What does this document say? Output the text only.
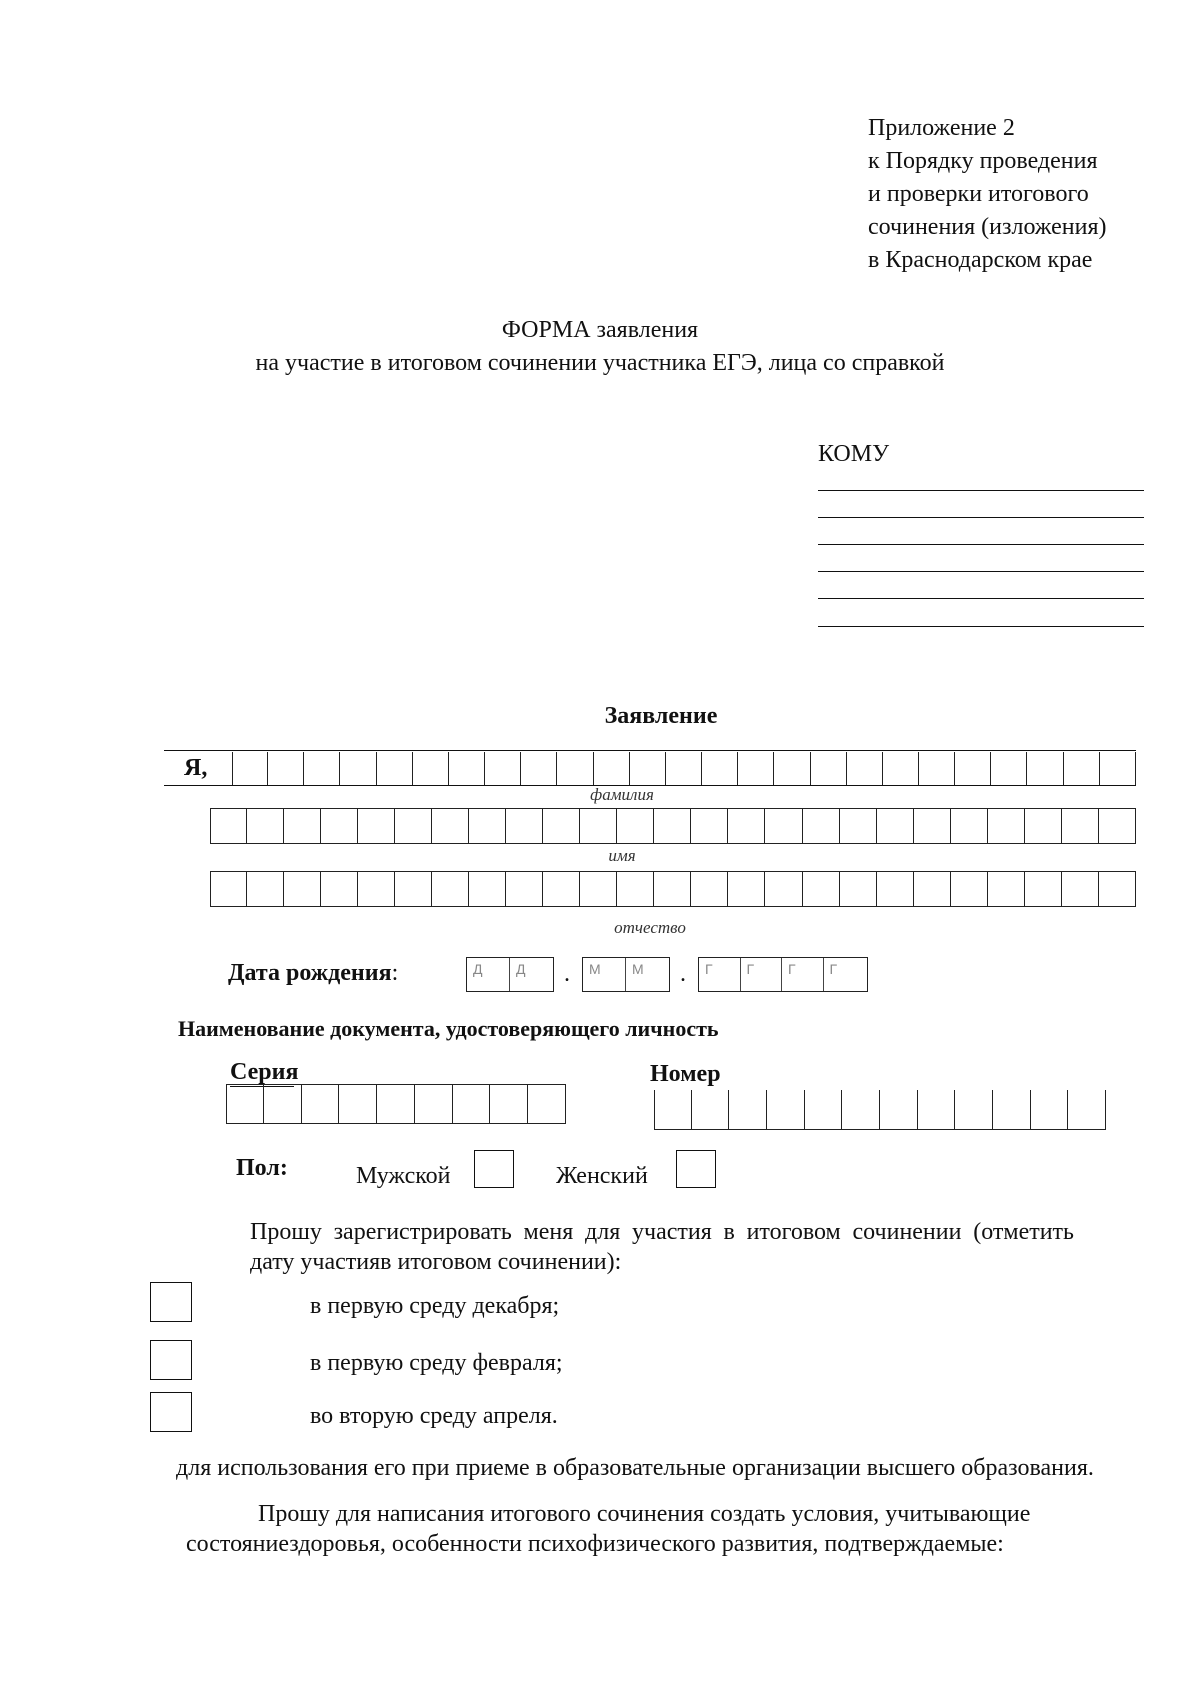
Приложение 2
к Порядку проведения
и проверки итогового
сочинения (изложения)
в Краснодарском крае
ФОРМА заявления
на участие в итоговом сочинении участника ЕГЭ, лица со справкой
КОМУ
Заявление
Я,
фамилия
имя
отчество
Дата рождения:	Д	Д	.	М	М	.	Г	Г	Г	Г
Наименование документа, удостоверяющего личность
Серия	Номер
Пол:	Мужской	Женский
Прошу зарегистрировать меня для участия в итоговом сочинении (отметить
дату участияв итоговом сочинении):
в первую среду декабря;
в первую среду февраля;
во вторую среду апреля.
для использования его при приеме в образовательные организации высшего образования.
Прошу для написания итогового сочинения создать условия, учитывающие
состояниездоровья, особенности психофизического развития, подтверждаемые:
